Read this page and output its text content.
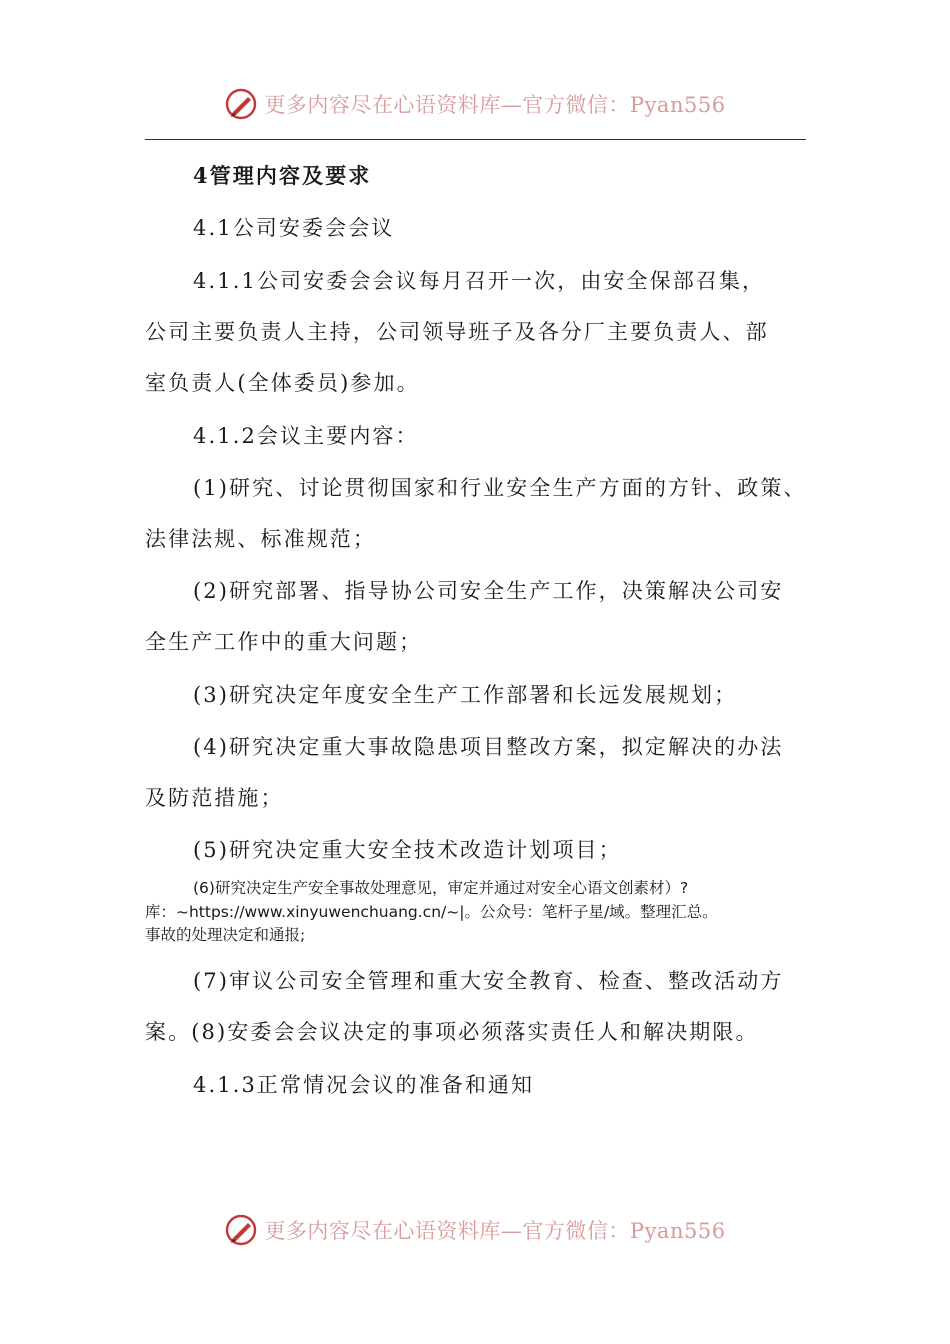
更多内容尽在心语资料库—官方微信：Pyan556
4管理内容及要求
4.1公司安委会会议
4.1.1公司安委会会议每月召开一次，由安全保部召集，
公司主要负责人主持，公司领导班子及各分厂主要负责人、部
室负责人(全体委员)参加。
4.1.2会议主要内容：
(1)研究、讨论贯彻国家和行业安全生产方面的方针、政策、
法律法规、标准规范；
(2)研究部署、指导协公司安全生产工作，决策解决公司安
全生产工作中的重大问题；
(3)研究决定年度安全生产工作部署和长远发展规划；
(4)研究决定重大事故隐患项目整改方案，拟定解决的办法
及防范措施；
(5)研究决定重大安全技术改造计划项目；
(6)研究决定生产安全事故处理意见，审定并通过对安全心语文创素材）?
库：~https://www.xinyuwenchuang.cn/~|。公众号：笔杆子星/域。整理汇总。
事故的处理决定和通报;
(7)审议公司安全管理和重大安全教育、检查、整改活动方
案。(8)安委会会议决定的事项必须落实责任人和解决期限。
4.1.3正常情况会议的准备和通知
更多内容尽在心语资料库—官方微信：Pyan556
